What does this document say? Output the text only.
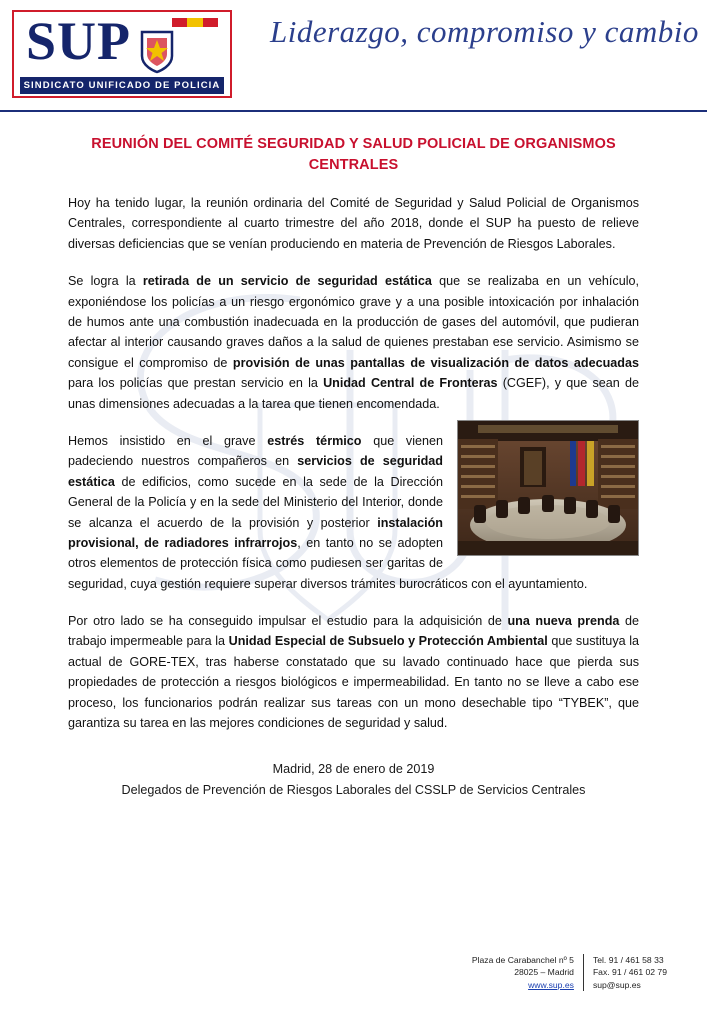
SUP
SINDICATO UNIFICADO DE POLICIA
Liderazgo, compromiso y cambio
REUNIÓN DEL COMITÉ SEGURIDAD Y SALUD POLICIAL DE ORGANISMOS CENTRALES

Hoy ha tenido lugar, la reunión ordinaria del Comité de Seguridad y Salud Policial de Organismos Centrales, correspondiente al cuarto trimestre del año 2018, donde el SUP ha puesto de relieve diversas deficiencias que se venían produciendo en materia de Prevención de Riesgos Laborales.

Se logra la retirada de un servicio de seguridad estática que se realizaba en un vehículo, exponiéndose los policías a un riesgo ergonómico grave y a una posible intoxicación por inhalación de humos ante una combustión inadecuada en la producción de gases del automóvil, que pudieran afectar al interior causando graves daños a la salud de quienes prestaban ese servicio. Asimismo se consigue el compromiso de provisión de unas pantallas de visualización de datos adecuadas para los policías que prestan servicio en la Unidad Central de Fronteras (CGEF), y que sean de unas dimensiones adecuadas a la tarea que tienen encomendada.

Hemos insistido en el grave estrés térmico que vienen padeciendo nuestros compañeros en servicios de seguridad estática de edificios, como sucede en la sede de la Dirección General de la Policía y en la sede del Ministerio del Interior, donde se alcanza el acuerdo de la provisión y posterior instalación provisional, de radiadores infrarrojos, en tanto no se adopten otros elementos de protección física como pudiesen ser garitas de seguridad, cuya gestión requiere superar diversos trámites burocráticos con el ayuntamiento.

Por otro lado se ha conseguido impulsar el estudio para la adquisición de una nueva prenda de trabajo impermeable para la Unidad Especial de Subsuelo y Protección Ambiental que sustituya la actual de GORE-TEX, tras haberse constatado que su lavado continuado hace que pierda sus propiedades de protección a riesgos biológicos e impermeabilidad. En tanto no se lleve a cabo ese proceso, los funcionarios podrán realizar sus tareas con un mono desechable tipo “TYBEK”, que garantiza su tarea en las mejores condiciones de seguridad y salud.

Madrid, 28 de enero de 2019
Delegados de Prevención de Riesgos Laborales del CSSLP de Servicios Centrales
Plaza de Carabanchel nº 5
28025 – Madrid
www.sup.es
Tel. 91 / 461 58 33
Fax. 91 / 461 02 79
sup@sup.es
